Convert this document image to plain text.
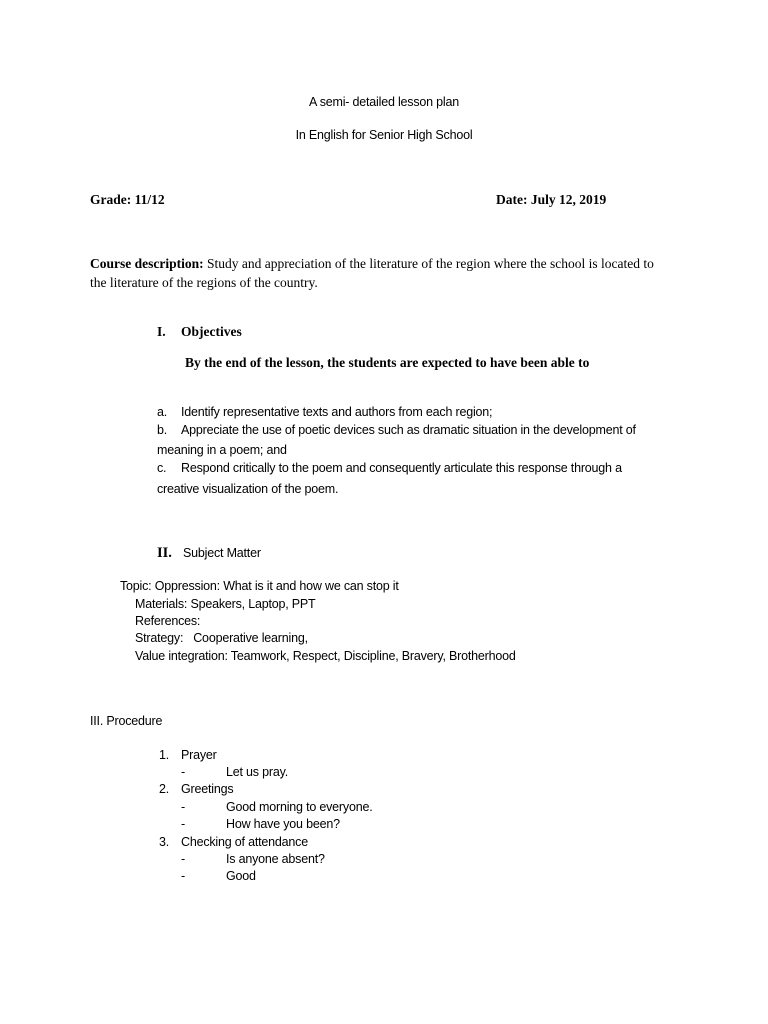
A semi- detailed lesson plan
In English for Senior High School
Grade: 11/12	Date: July 12, 2019
Course description: Study and appreciation of the literature of the region where the school is located to
the literature of the regions of the country.
I. Objectives
By the end of the lesson, the students are expected to have been able to
a. Identify representative texts and authors from each region;
b. Appreciate the use of poetic devices such as dramatic situation in the development of
meaning in a poem; and
c. Respond critically to the poem and consequently articulate this response through a
creative visualization of the poem.
II. Subject Matter
Topic: Oppression: What is it and how we can stop it
Materials: Speakers, Laptop, PPT
References:
Strategy: Cooperative learning,
Value integration: Teamwork, Respect, Discipline, Bravery, Brotherhood
III. Procedure
1. Prayer
-	Let us pray.
2. Greetings
-	Good morning to everyone.
-	How have you been?
3. Checking of attendance
-	Is anyone absent?
-	Good
